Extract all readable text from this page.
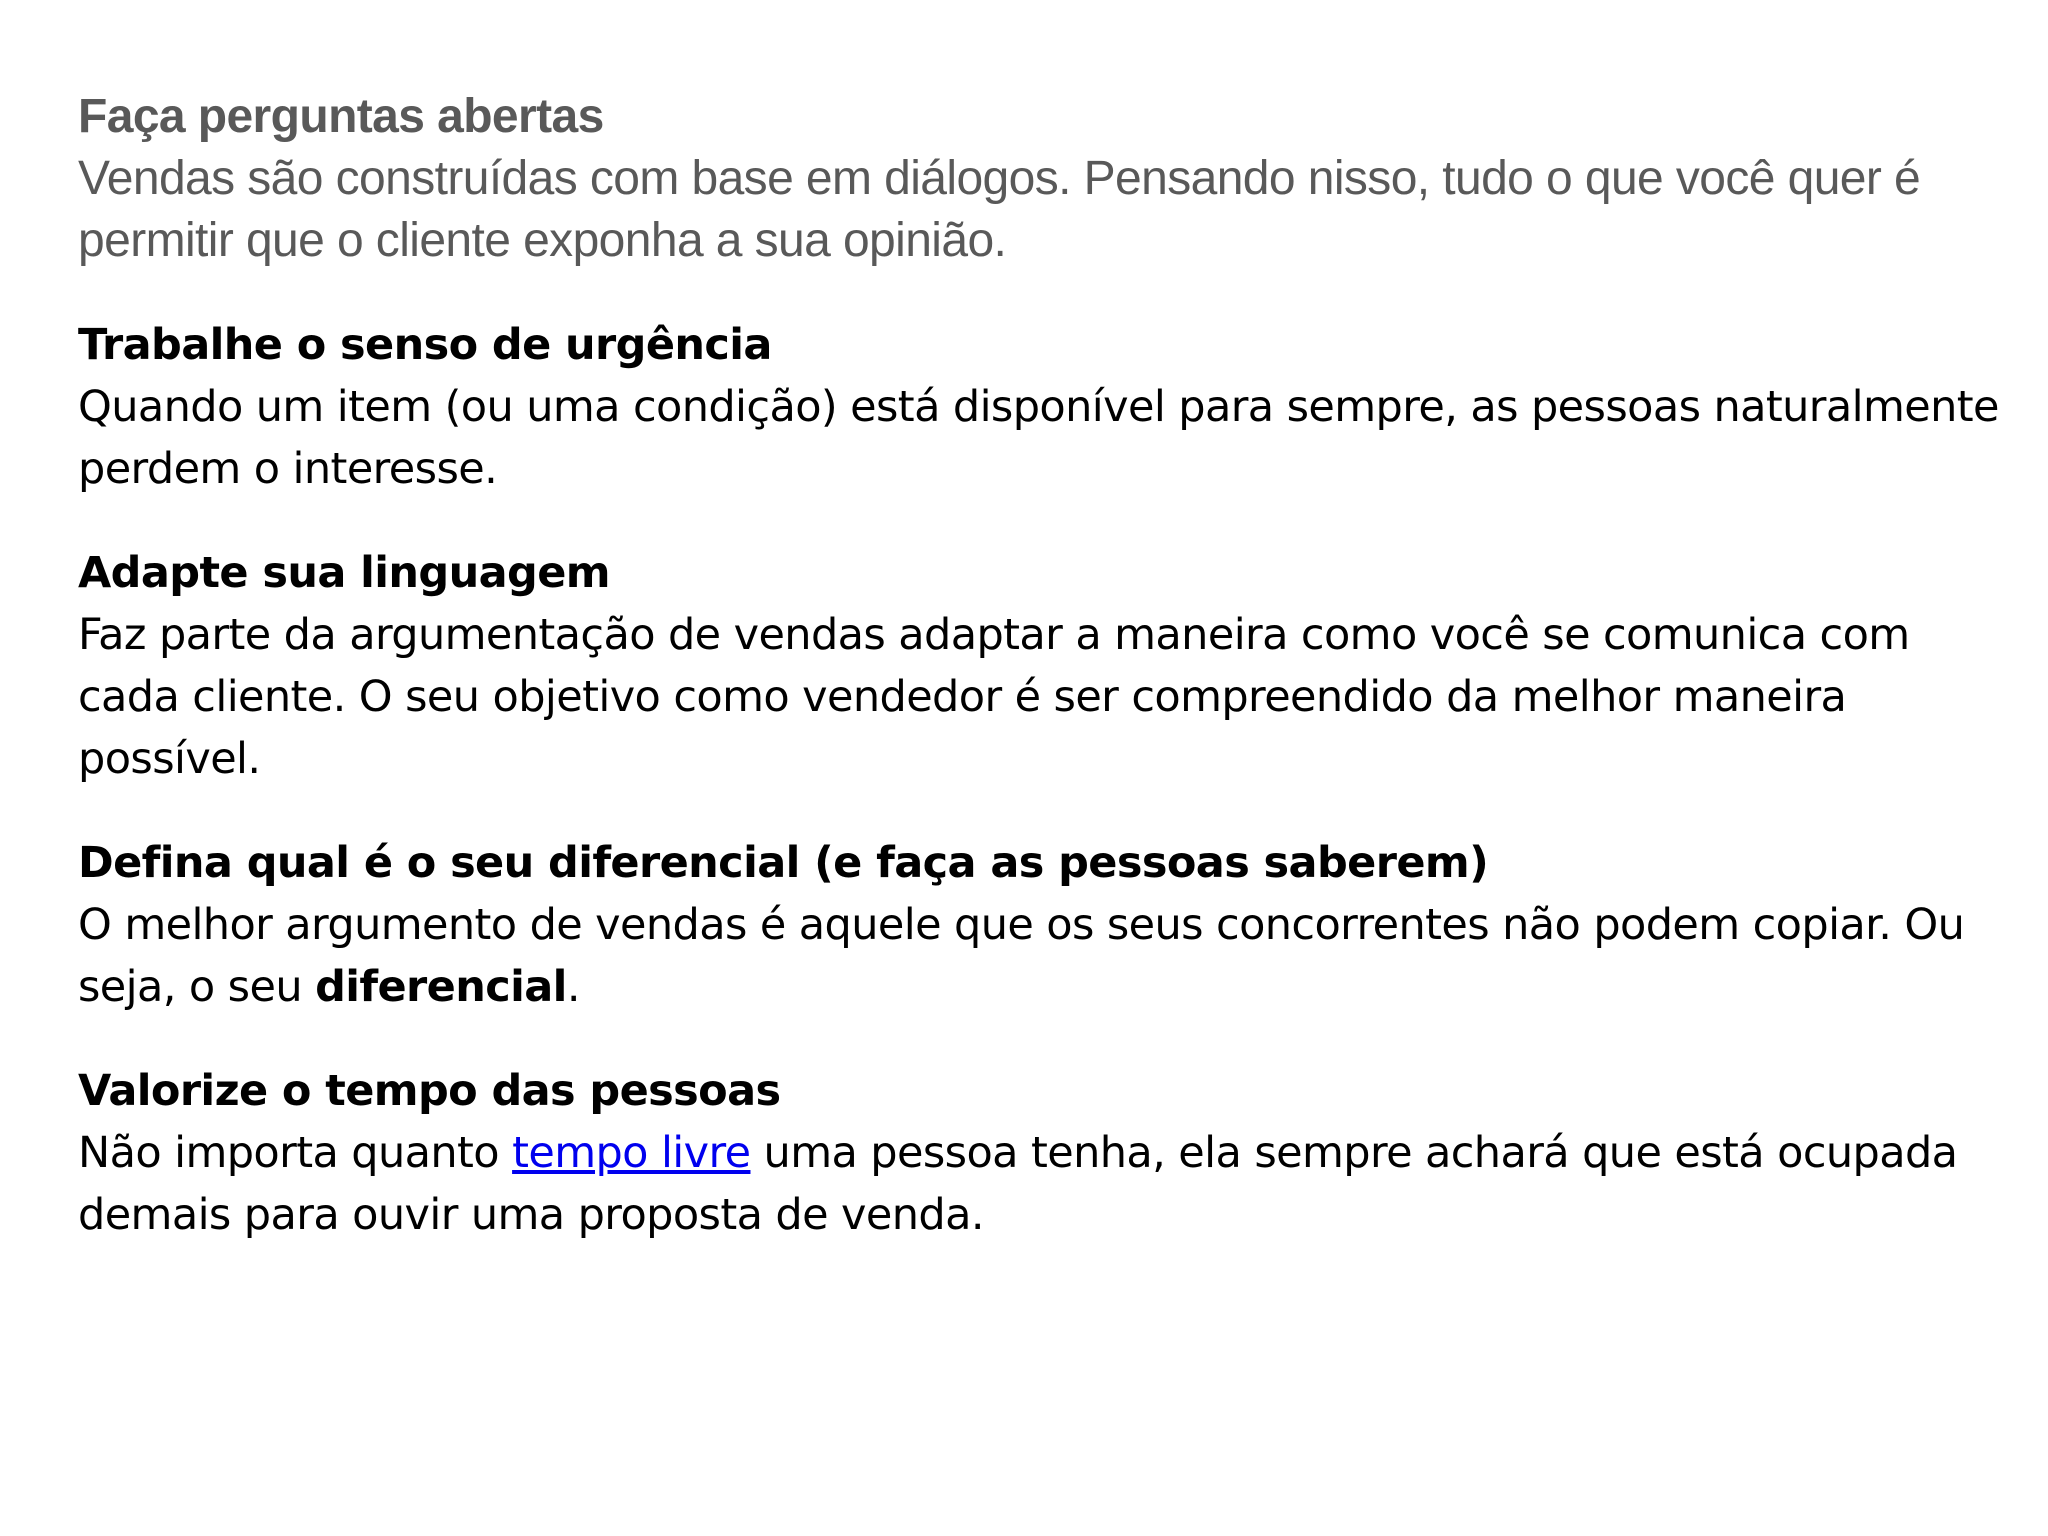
Faça perguntas abertas

Vendas são construídas com base em diálogos. Pensando nisso, tudo o que você quer é permitir que o cliente exponha a sua opinião.

Trabalhe o senso de urgência

Quando um item (ou uma condição) está disponível para sempre, as pessoas naturalmente perdem o interesse.

Adapte sua linguagem

Faz parte da argumentação de vendas adaptar a maneira como você se comunica com cada cliente. O seu objetivo como vendedor é ser compreendido da melhor maneira possível.

Defina qual é o seu diferencial (e faça as pessoas saberem)

O melhor argumento de vendas é aquele que os seus concorrentes não podem copiar. Ou seja, o seu diferencial.

Valorize o tempo das pessoas

Não importa quanto tempo livre uma pessoa tenha, ela sempre achará que está ocupada demais para ouvir uma proposta de venda.
